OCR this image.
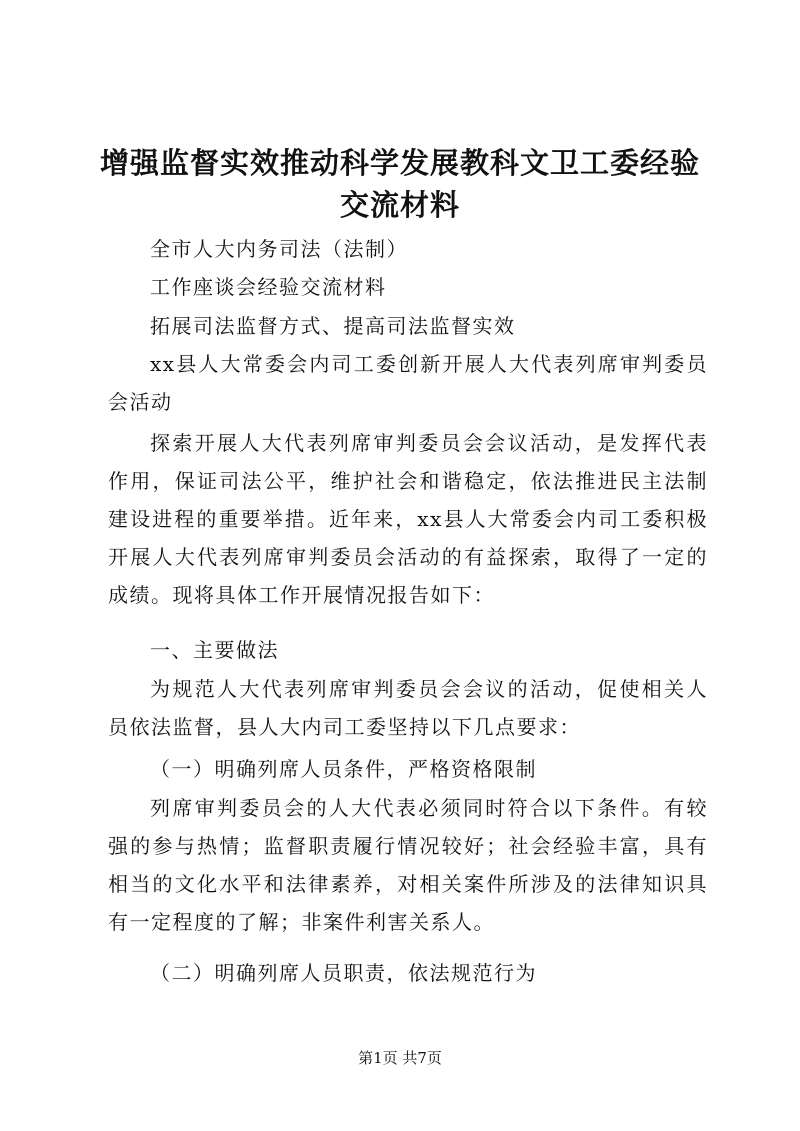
增强监督实效推动科学发展教科文卫工委经验交流材料
全市人大内务司法（法制）
工作座谈会经验交流材料
拓展司法监督方式、提高司法监督实效
xx县人大常委会内司工委创新开展人大代表列席审判委员会活动
探索开展人大代表列席审判委员会会议活动，是发挥代表作用，保证司法公平，维护社会和谐稳定，依法推进民主法制建设进程的重要举措。近年来，xx县人大常委会内司工委积极开展人大代表列席审判委员会活动的有益探索，取得了一定的成绩。现将具体工作开展情况报告如下：
一、主要做法
为规范人大代表列席审判委员会会议的活动，促使相关人员依法监督，县人大内司工委坚持以下几点要求：
（一）明确列席人员条件，严格资格限制
列席审判委员会的人大代表必须同时符合以下条件。有较强的参与热情；监督职责履行情况较好；社会经验丰富，具有相当的文化水平和法律素养，对相关案件所涉及的法律知识具有一定程度的了解；非案件利害关系人。
（二）明确列席人员职责，依法规范行为
第1页 共7页
